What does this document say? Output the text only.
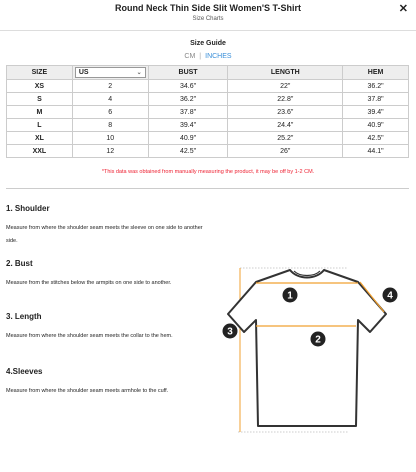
Round Neck Thin Side Slit Women'S T-Shirt
Size Charts
✕
Size Guide
CM | INCHES
SIZE	US ⌄	BUST	LENGTH	HEM
XS	2	34.6"	22"	36.2"
S	4	36.2"	22.8"	37.8"
M	6	37.8"	23.6"	39.4"
L	8	39.4"	24.4"	40.9"
XL	10	40.9"	25.2"	42.5"
XXL	12	42.5"	26"	44.1"
*This data was obtained from manually measuring the product, it may be off by 1-2 CM.
1. Shoulder
Measure from where the shoulder seam meets the sleeve on one side to another side.
2. Bust
Measure from the stitches below the armpits on one side to another.
3. Length
Measure from where the shoulder seam meets the collar to the hem.
4.Sleeves
Measure from where the shoulder seam meets armhole to the cuff.
1
2
3
4
